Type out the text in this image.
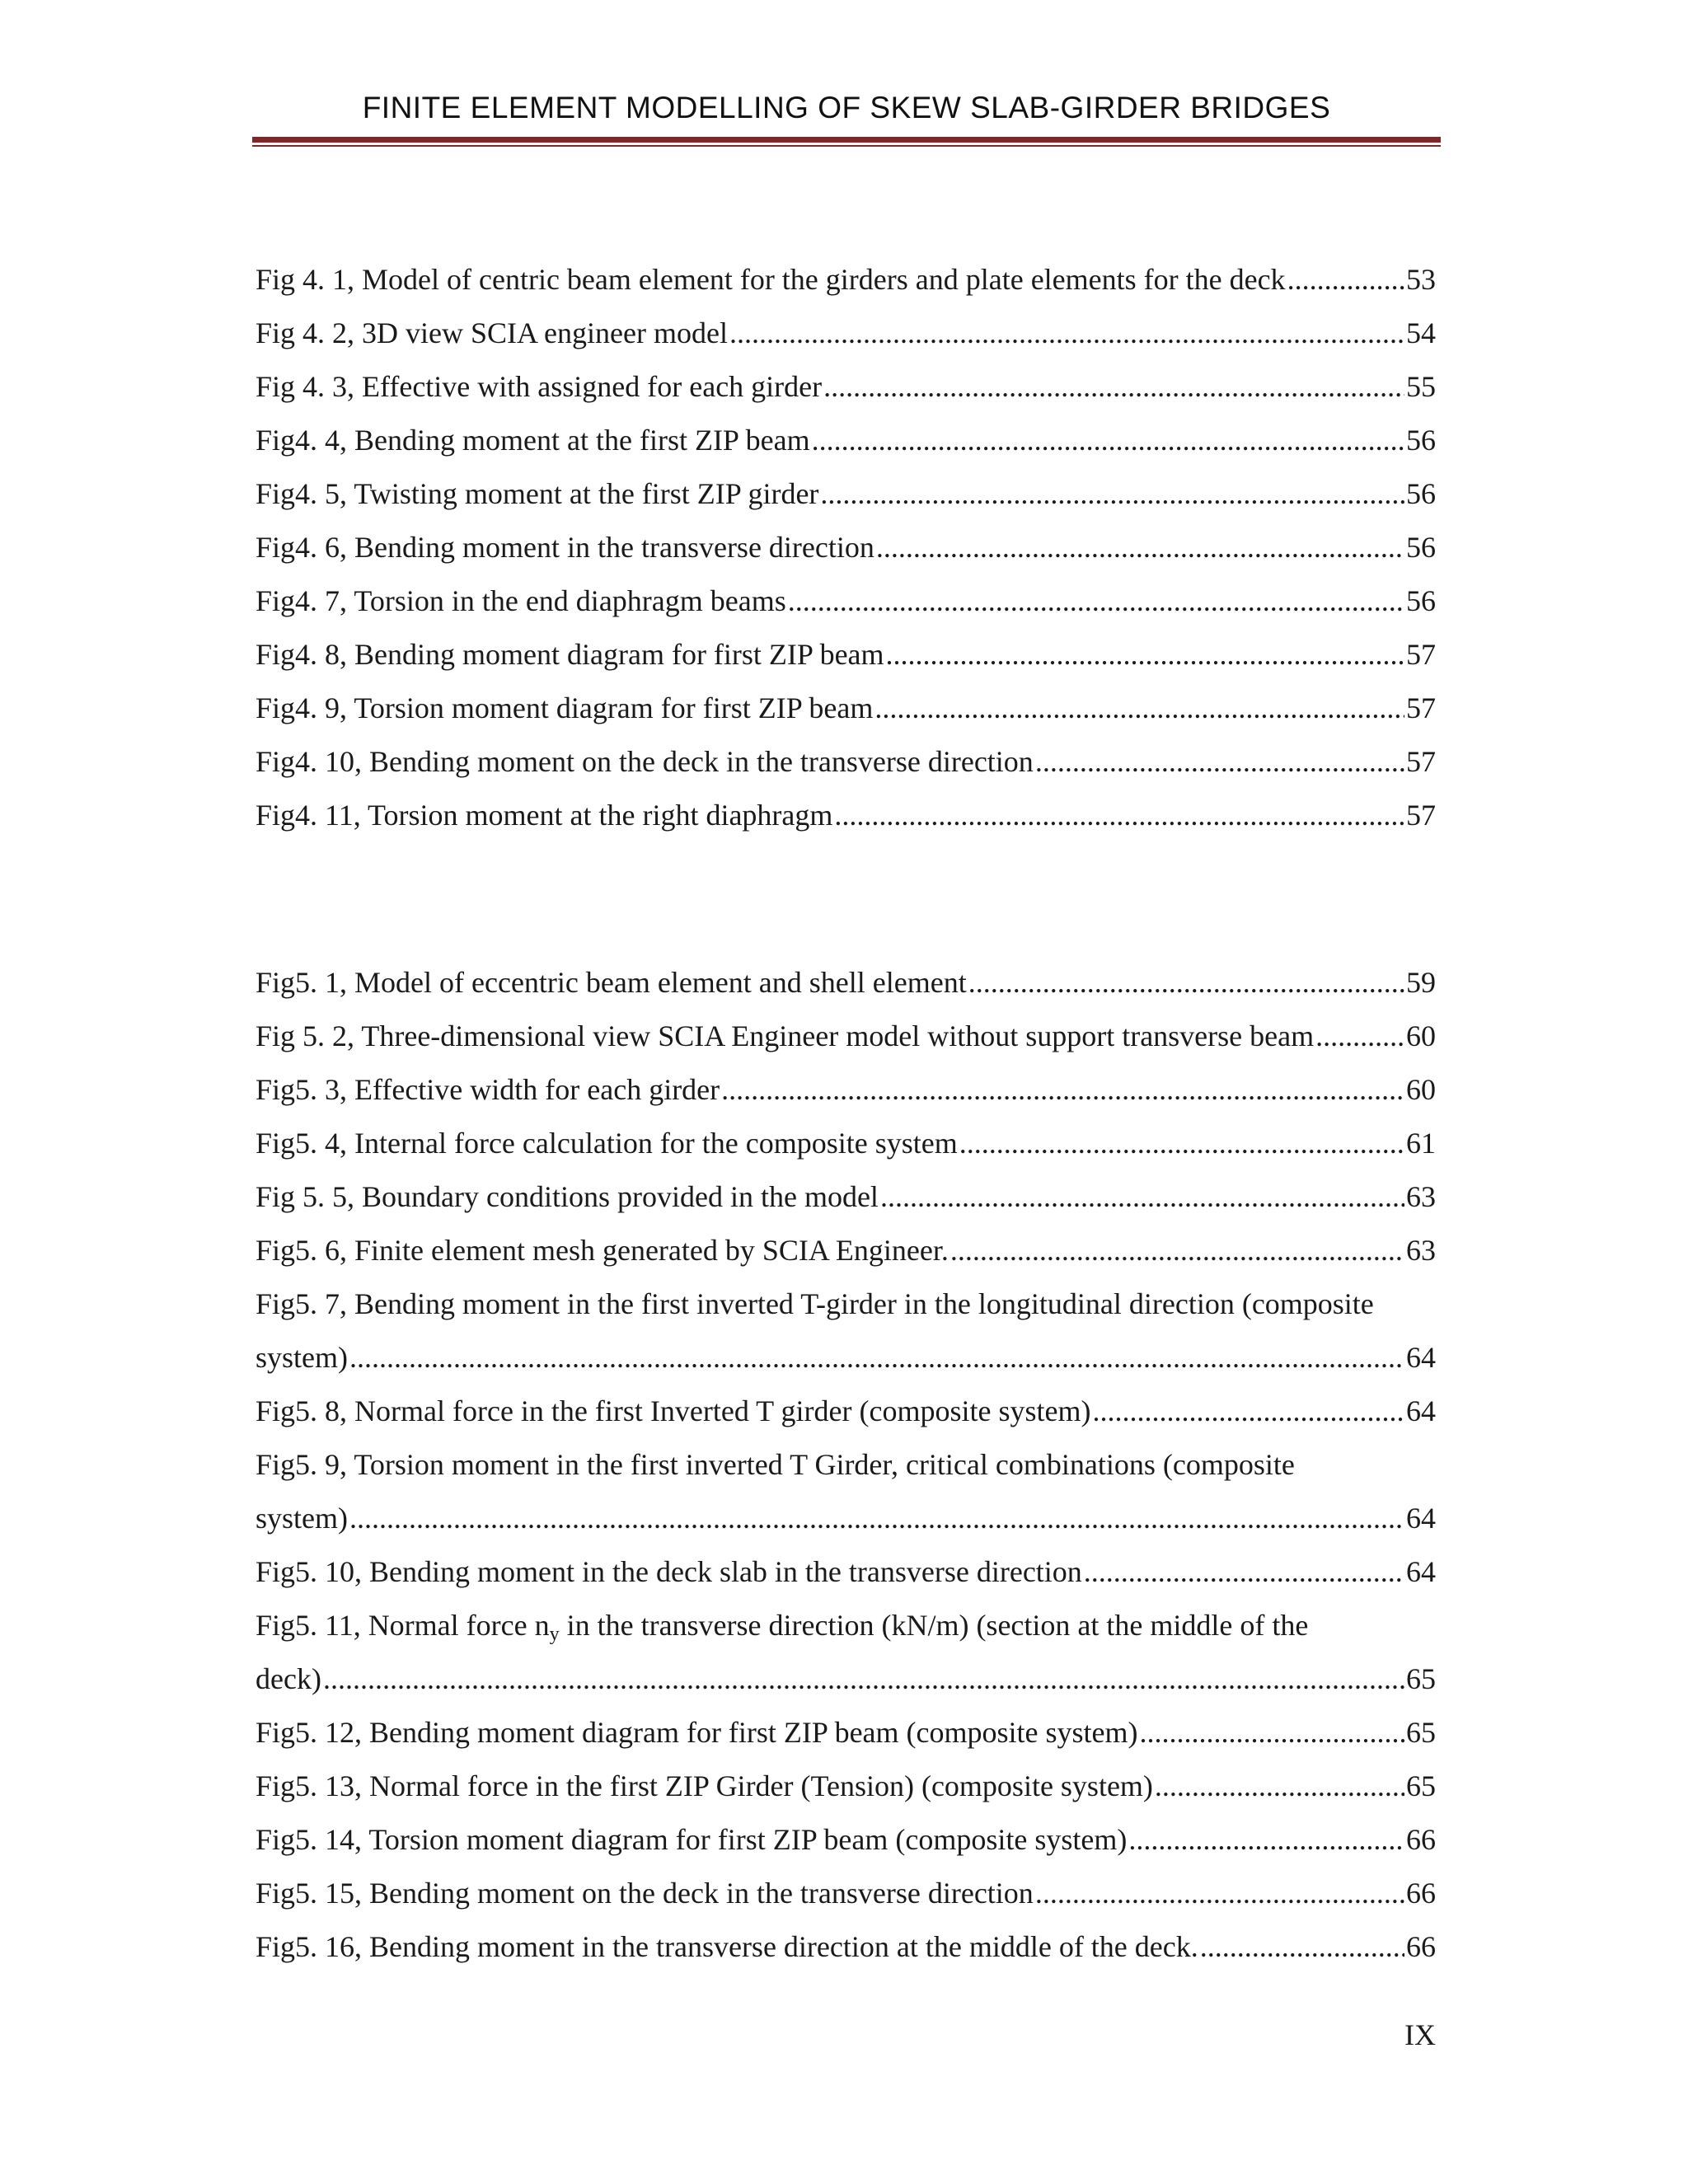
FINITE ELEMENT MODELLING OF SKEW SLAB-GIRDER BRIDGES
Fig 4. 1, Model of centric beam element for the girders and plate elements for the deck .....	53
Fig 4. 2, 3D view SCIA engineer model .....	54
Fig 4. 3, Effective with assigned for each girder .....	55
Fig4. 4, Bending moment at the first ZIP beam .....	56
Fig4. 5, Twisting moment at the first ZIP girder .....	56
Fig4. 6, Bending moment in the transverse direction .....	56
Fig4. 7, Torsion in the end diaphragm beams .....	56
Fig4. 8, Bending moment diagram for first ZIP beam .....	57
Fig4. 9, Torsion moment diagram for first ZIP beam .....	57
Fig4. 10, Bending moment on the deck in the transverse direction .....	57
Fig4. 11, Torsion moment at the right diaphragm .....	57
Fig5. 1, Model of eccentric beam element and shell element .....	59
Fig 5. 2, Three-dimensional view SCIA Engineer model without support transverse beam .....	60
Fig5. 3, Effective width for each girder .....	60
Fig5. 4, Internal force calculation for the composite system .....	61
Fig 5. 5, Boundary conditions provided in the model .....	63
Fig5. 6, Finite element mesh generated by SCIA Engineer. .....	63
Fig5. 7, Bending moment in the first inverted T-girder in the longitudinal direction (composite
system) .....	64
Fig5. 8, Normal force in the first Inverted T girder (composite system) .....	64
Fig5. 9, Torsion moment in the first inverted T Girder, critical combinations (composite
system) .....	64
Fig5. 10, Bending moment in the deck slab in the transverse direction .....	64
Fig5. 11, Normal force $n_y$ in the transverse direction (kN/m) (section at the middle of the
deck) .....	65
Fig5. 12, Bending moment diagram for first ZIP beam (composite system) .....	65
Fig5. 13, Normal force in the first ZIP Girder (Tension) (composite system) .....	65
Fig5. 14, Torsion moment diagram for first ZIP beam (composite system) .....	66
Fig5. 15, Bending moment on the deck in the transverse direction .....	66
Fig5. 16, Bending moment in the transverse direction at the middle of the deck. .....	66
IX
